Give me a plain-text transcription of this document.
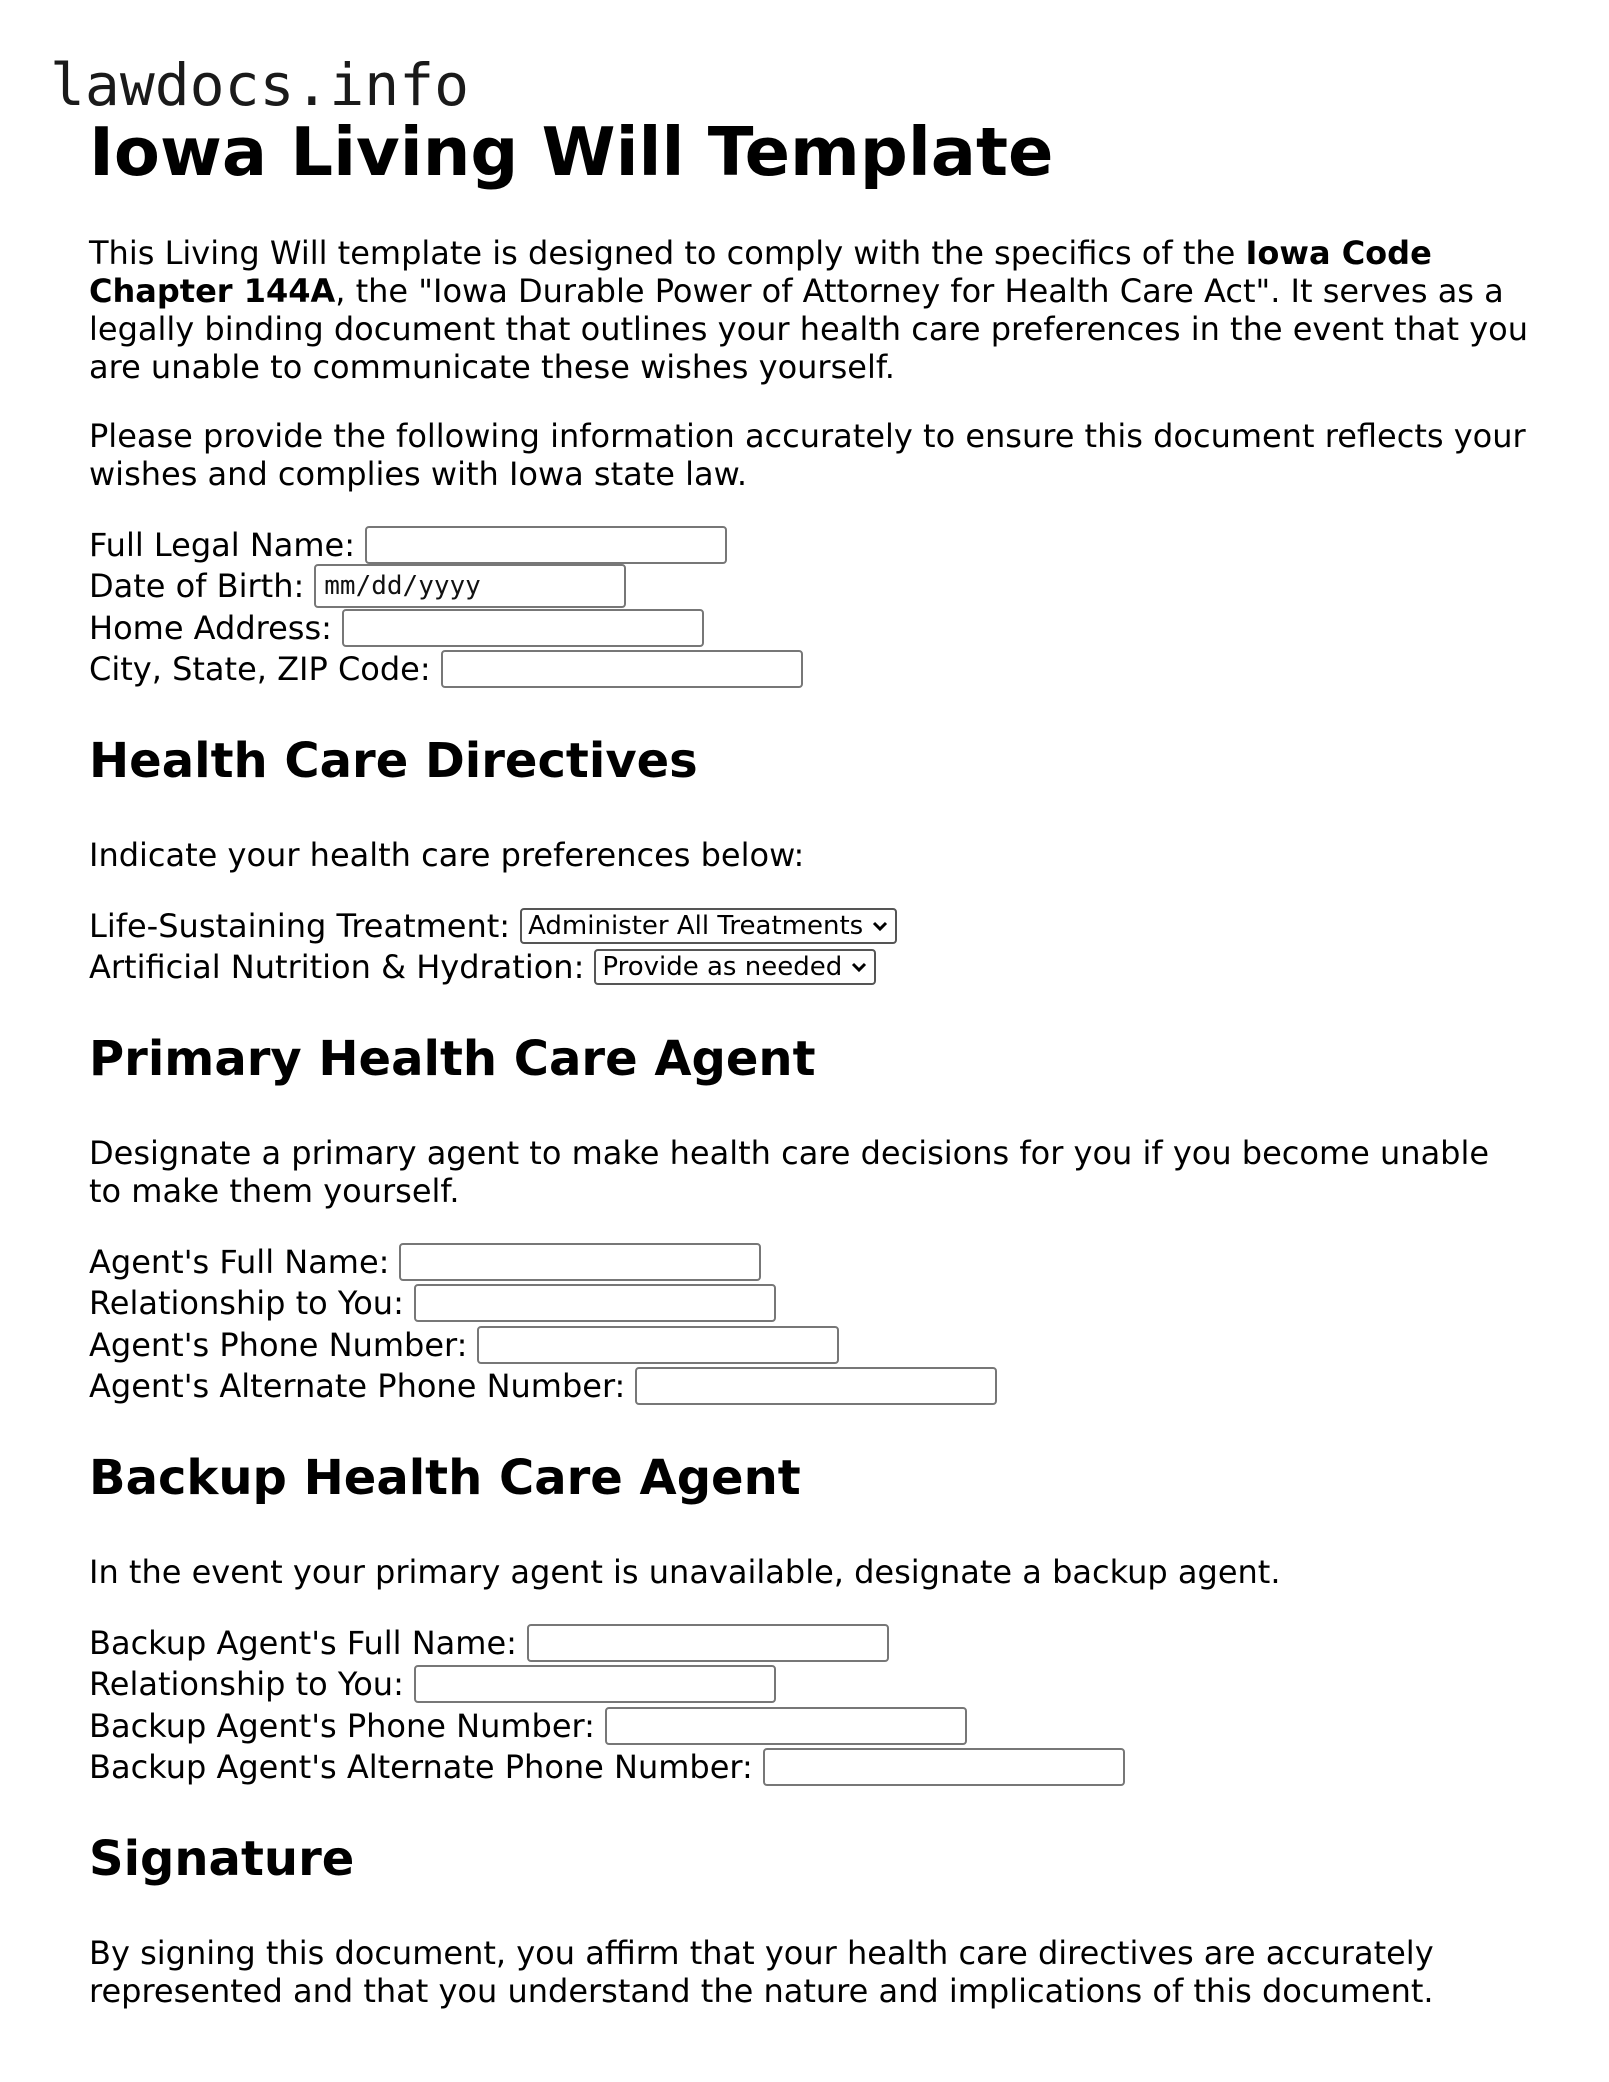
lawdocs.info
Iowa Living Will Template

This Living Will template is designed to comply with the specifics of the Iowa Code Chapter 144A, the "Iowa Durable Power of Attorney for Health Care Act". It serves as a legally binding document that outlines your health care preferences in the event that you are unable to communicate these wishes yourself.

Please provide the following information accurately to ensure this document reflects your wishes and complies with Iowa state law.

Full Legal Name:
Date of Birth: mm/dd/yyyy
Home Address:
City, State, ZIP Code:
Health Care Directives

Indicate your health care preferences below:

Life-Sustaining Treatment: Administer All Treatments
Artificial Nutrition & Hydration: Provide as needed
Primary Health Care Agent

Designate a primary agent to make health care decisions for you if you become unable to make them yourself.

Agent's Full Name:
Relationship to You:
Agent's Phone Number:
Agent's Alternate Phone Number:
Backup Health Care Agent

In the event your primary agent is unavailable, designate a backup agent.

Backup Agent's Full Name:
Relationship to You:
Backup Agent's Phone Number:
Backup Agent's Alternate Phone Number:
Signature

By signing this document, you affirm that your health care directives are accurately represented and that you understand the nature and implications of this document.
